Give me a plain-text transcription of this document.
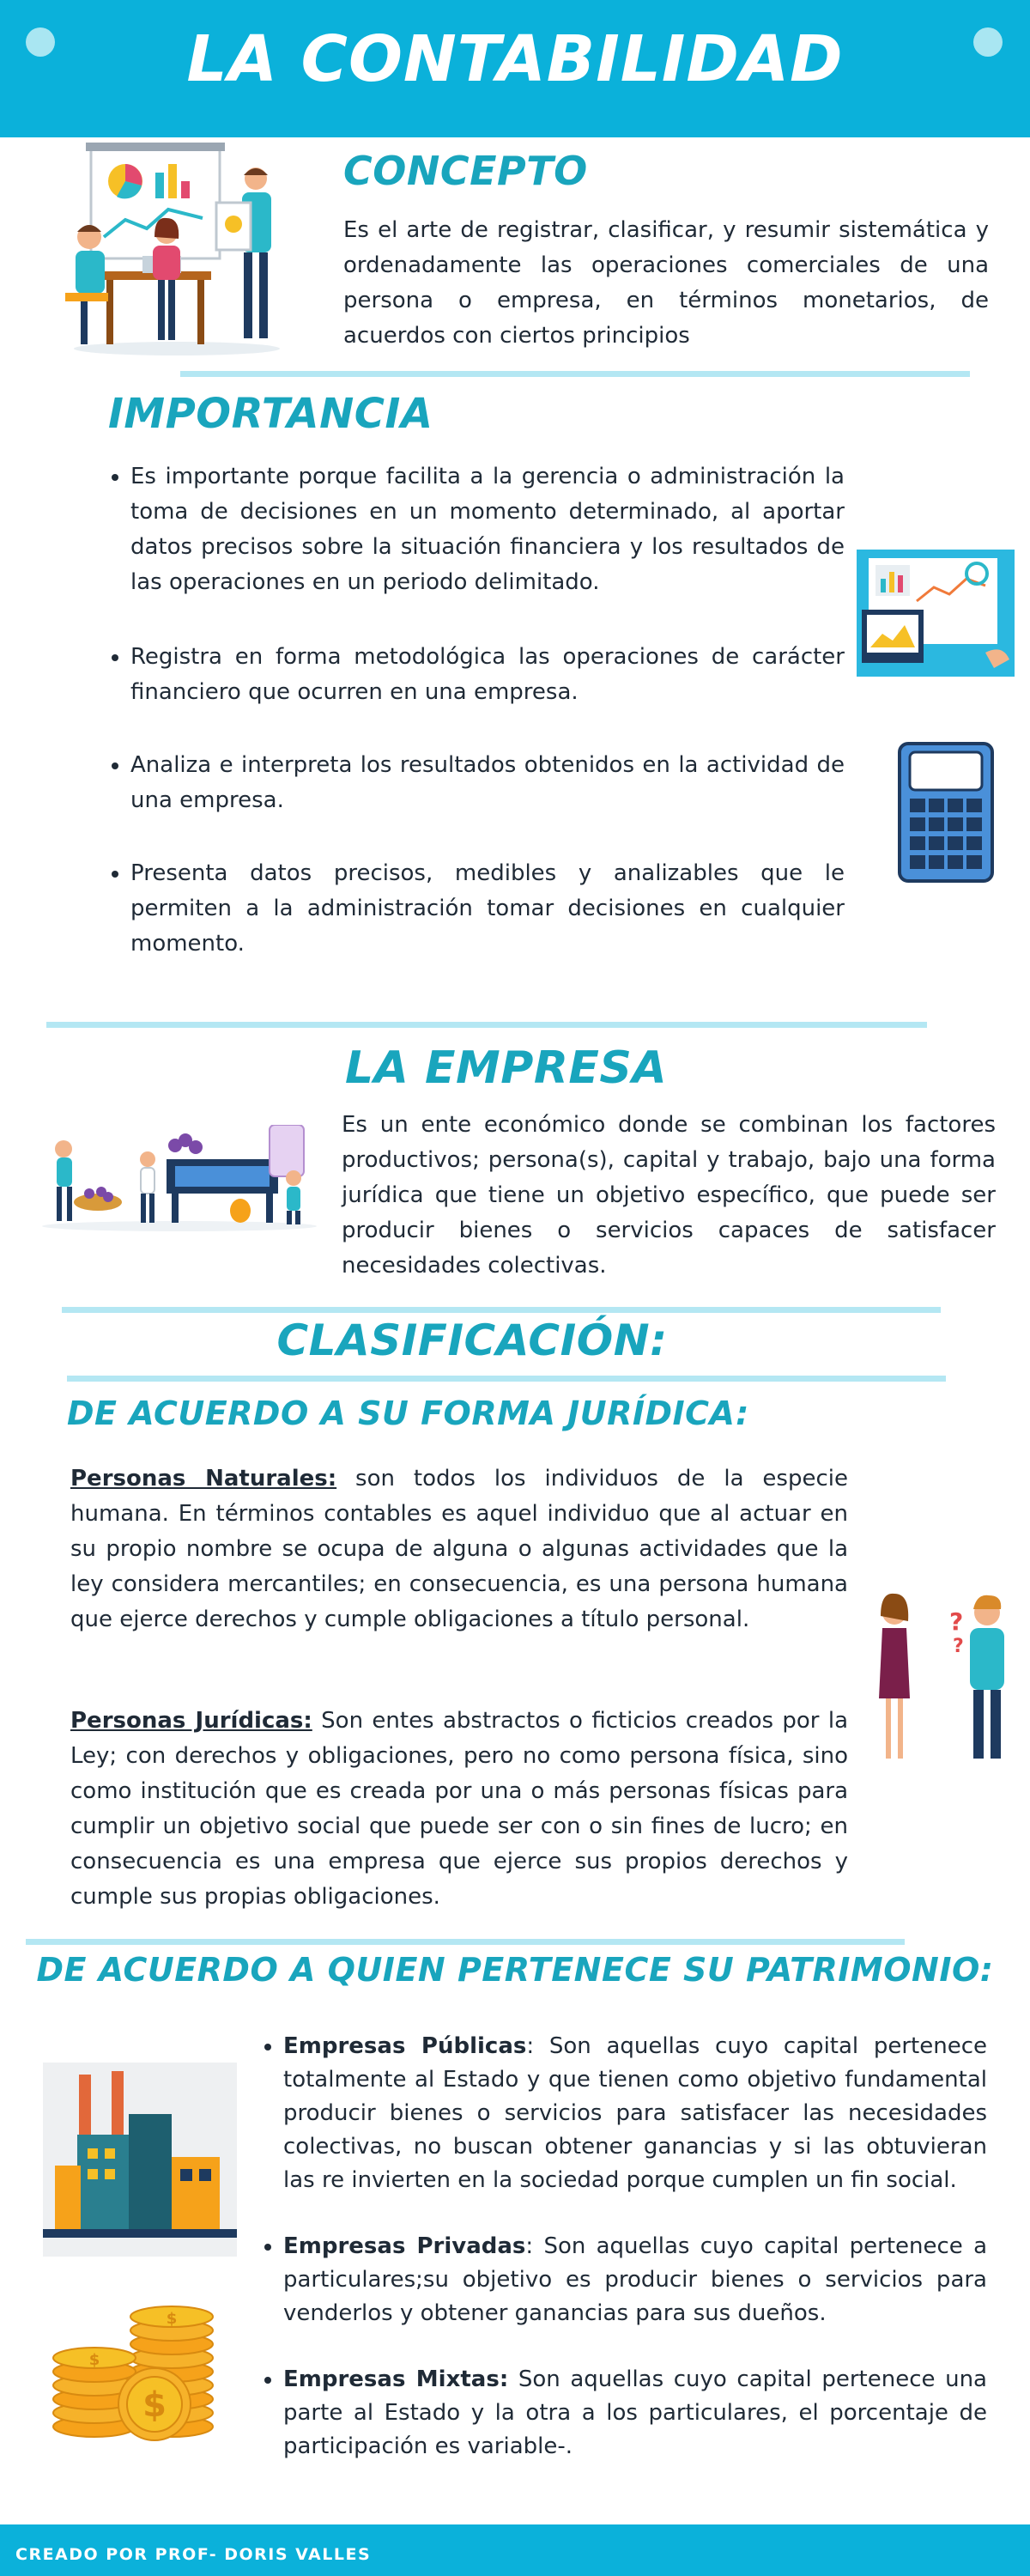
LA CONTABILIDAD
CONCEPTO
Es el arte de registrar, clasificar, y resumir sistemática y ordenadamente las operaciones comerciales de una persona o empresa, en términos monetarios, de acuerdos con ciertos principios
IMPORTANCIA
• Es importante porque facilita a la gerencia o administración la toma de decisiones en un momento determinado, al aportar datos precisos sobre la situación financiera y los resultados de las operaciones en un periodo delimitado.
• Registra en forma metodológica las operaciones de carácter financiero que ocurren en una empresa.
• Analiza e interpreta los resultados obtenidos en la actividad de una empresa.
• Presenta datos precisos, medibles y analizables que le permiten a la administración tomar decisiones en cualquier momento.
LA EMPRESA
Es un ente económico donde se combinan los factores productivos; persona(s), capital y trabajo, bajo una forma jurídica que tiene un objetivo específico, que puede ser producir bienes o servicios capaces de satisfacer necesidades colectivas.
CLASIFICACIÓN:
DE ACUERDO A SU FORMA JURÍDICA:
Personas Naturales: son todos los individuos de la especie humana. En términos contables es aquel individuo que al actuar en su propio nombre se ocupa de alguna o algunas actividades que la ley considera mercantiles; en consecuencia, es una persona humana que ejerce derechos y cumple obligaciones a título personal.
Personas Jurídicas: Son entes abstractos o ficticios creados por la Ley; con derechos y obligaciones, pero no como persona física, sino como institución que es creada por una o más personas físicas para cumplir un objetivo social que puede ser con o sin fines de lucro; en consecuencia es una empresa que ejerce sus propios derechos y cumple sus propias obligaciones.
?
?
DE ACUERDO A QUIEN PERTENECE SU PATRIMONIO:
$
$
$
• Empresas Públicas: Son aquellas cuyo capital pertenece totalmente al Estado y que tienen como objetivo fundamental producir bienes o servicios para satisfacer las necesidades colectivas, no buscan obtener ganancias y si las obtuvieran las re invierten en la sociedad porque cumplen un fin social.
• Empresas Privadas: Son aquellas cuyo capital pertenece a particulares;su objetivo es producir bienes o servicios para venderlos y obtener ganancias para sus dueños.
• Empresas Mixtas: Son aquellas cuyo capital pertenece una parte al Estado y la otra a los particulares, el porcentaje de participación es variable-.
CREADO POR PROF- DORIS VALLES
